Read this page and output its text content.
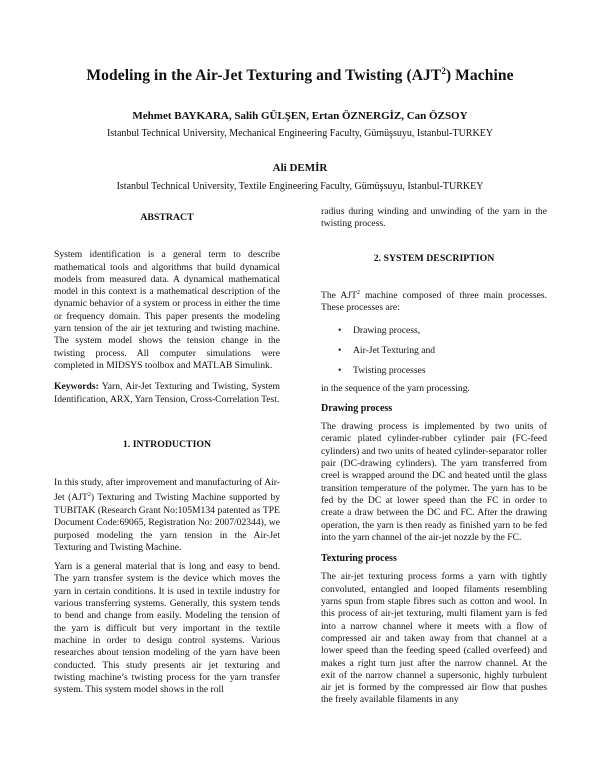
Modeling in the Air-Jet Texturing and Twisting (AJT$^2$) Machine
Mehmet BAYKARA, Salih GÜLŞEN, Ertan ÖZNERGİZ, Can ÖZSOY
Istanbul Technical University, Mechanical Engineering Faculty, Gümüşsuyu, Istanbul-TURKEY
Ali DEMİR
Istanbul Technical University, Textile Engineering Faculty, Gümüşsuyu, Istanbul-TURKEY
ABSTRACT

System identification is a general term to describe mathematical tools and algorithms that build dynamical models from measured data. A dynamical mathematical model in this context is a mathematical description of the dynamic behavior of a system or process in either the time or frequency domain. This paper presents the modeling yarn tension of the air jet texturing and twisting machine. The system model shows the tension change in the twisting process. All computer simulations were completed in MIDSYS toolbox and MATLAB Simulink.

Keywords: Yarn, Air-Jet Texturing and Twisting, System Identification, ARX, Yarn Tension, Cross-Correlation Test.

1. INTRODUCTION

In this study, after improvement and manufacturing of Air-Jet (AJT$^2$) Texturing and Twisting Machine supported by TUBITAK (Research Grant No:105M134 patented as TPE Document Code:69065, Registration No: 2007/02344), we purposed modeling the yarn tension in the Air-Jet Texturing and Twisting Machine.

Yarn is a general material that is long and easy to bend. The yarn transfer system is the device which moves the yarn in certain conditions. It is used in textile industry for various transferring systems. Generally, this system tends to bend and change from easily. Modeling the tension of the yarn is difficult but very important in the textile machine in order to design control systems. Various researches about tension modeling of the yarn have been conducted. This study presents air jet texturing and twisting machine’s twisting process for the yarn transfer system. This system model shows in the roll

radius during winding and unwinding of the yarn in the twisting process.

2. SYSTEM DESCRIPTION

The AJT$^2$ machine composed of three main processes. These processes are:

• Drawing process,
• Air-Jet Texturing and
• Twisting processes

in the sequence of the yarn processing.

Drawing process

The drawing process is implemented by two units of ceramic plated cylinder-rubber cylinder pair (FC-feed cylinders) and two units of heated cylinder-separator roller pair (DC-drawing cylinders). The yarn transferred from creel is wrapped around the DC and heated until the glass transition temperature of the polymer. The yarn has to be fed by the DC at lower speed than the FC in order to create a draw between the DC and FC. After the drawing operation, the yarn is then ready as finished yarn to be fed into the yarn channel of the air-jet nozzle by the FC.

Texturing process

The air-jet texturing process forms a yarn with tightly convoluted, entangled and looped filaments resembling yarns spun from staple fibres such as cotton and wool. In this process of air-jet texturing, multi filament yarn is fed into a narrow channel where it meets with a flow of compressed air and taken away from that channel at a lower speed than the feeding speed (called overfeed) and makes a right turn just after the narrow channel. At the exit of the narrow channel a supersonic, highly turbulent air jet is formed by the compressed air flow that pushes the freely available filaments in any
